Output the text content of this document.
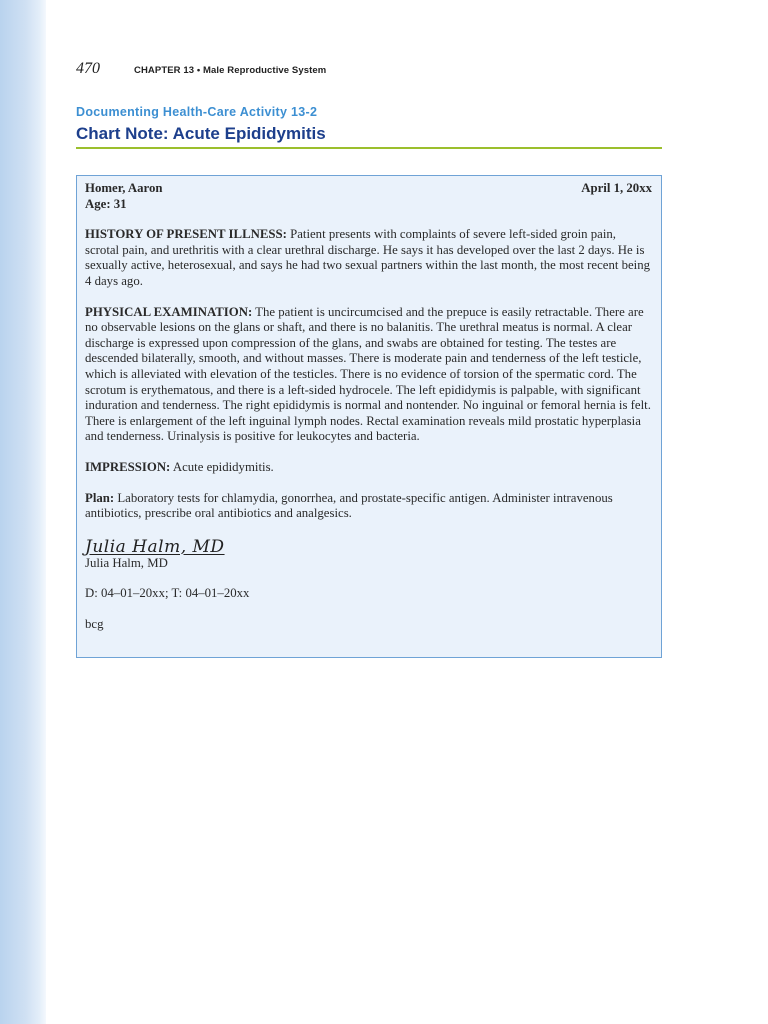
470	CHAPTER 13 • Male Reproductive System
Documenting Health-Care Activity 13-2
Chart Note: Acute Epididymitis
Homer, Aaron	April 1, 20xx
Age: 31

HISTORY OF PRESENT ILLNESS: Patient presents with complaints of severe left-sided groin pain, scrotal pain, and urethritis with a clear urethral discharge. He says it has developed over the last 2 days. He is sexually active, heterosexual, and says he had two sexual partners within the last month, the most recent being 4 days ago.

PHYSICAL EXAMINATION: The patient is uncircumcised and the prepuce is easily retractable. There are no observable lesions on the glans or shaft, and there is no balanitis. The urethral meatus is normal. A clear discharge is expressed upon compression of the glans, and swabs are obtained for testing. The testes are descended bilaterally, smooth, and without masses. There is moderate pain and tenderness of the left testicle, which is alleviated with elevation of the testicles. There is no evidence of torsion of the spermatic cord. The scrotum is erythematous, and there is a left-sided hydrocele. The left epididymis is palpable, with significant induration and tenderness. The right epididymis is normal and nontender. No inguinal or femoral hernia is felt. There is enlargement of the left inguinal lymph nodes. Rectal examination reveals mild prostatic hyperplasia and tenderness. Urinalysis is positive for leukocytes and bacteria.

IMPRESSION: Acute epididymitis.

Plan: Laboratory tests for chlamydia, gonorrhea, and prostate-specific antigen. Administer intravenous antibiotics, prescribe oral antibiotics and analgesics.

Julia Halm, MD
Julia Halm, MD
D: 04–01–20xx; T: 04–01–20xx
bcg
